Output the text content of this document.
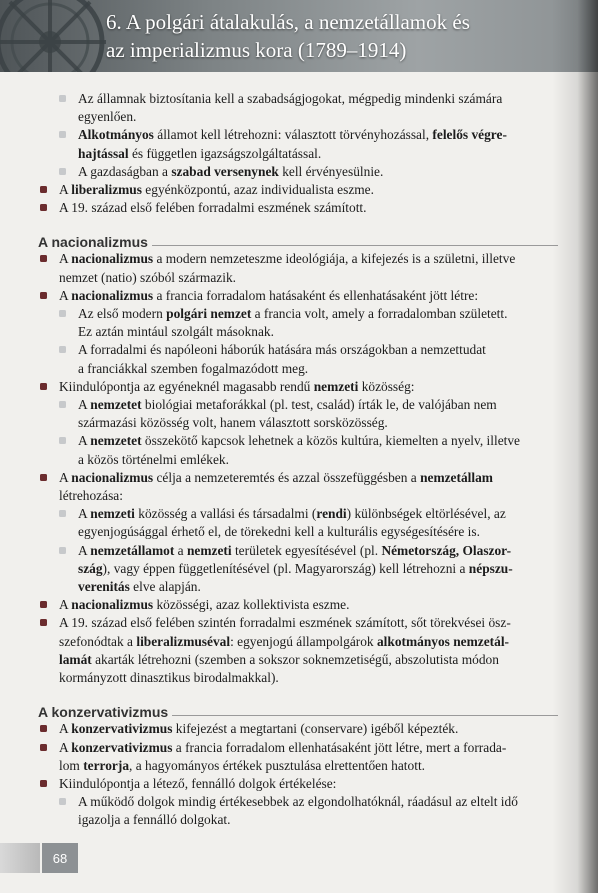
6. A polgári átalakulás, a nemzetállamok és
az imperializmus kora (1789–1914)
Az államnak biztosítania kell a szabadságjogokat, mégpedig mindenki számára
egyenlően.
Alkotmányos államot kell létrehozni: választott törvényhozással, felelős végre-
hajtással és független igazságszolgáltatással.
A gazdaságban a szabad versenynek kell érvényesülnie.
A liberalizmus egyénközpontú, azaz individualista eszme.
A 19. század első felében forradalmi eszmének számított.
A nacionalizmus
A nacionalizmus a modern nemzeteszme ideológiája, a kifejezés is a születni, illetve
nemzet (natio) szóból származik.
A nacionalizmus a francia forradalom hatásaként és ellenhatásaként jött létre:
Az első modern polgári nemzet a francia volt, amely a forradalomban született.
Ez aztán mintául szolgált másoknak.
A forradalmi és napóleoni háborúk hatására más országokban a nemzettudat
a franciákkal szemben fogalmazódott meg.
Kiindulópontja az egyéneknél magasabb rendű nemzeti közösség:
A nemzetet biológiai metaforákkal (pl. test, család) írták le, de valójában nem
származási közösség volt, hanem választott sorsközösség.
A nemzetet összekötő kapcsok lehetnek a közös kultúra, kiemelten a nyelv, illetve
a közös történelmi emlékek.
A nacionalizmus célja a nemzeteremtés és azzal összefüggésben a nemzetállam
létrehozása:
A nemzeti közösség a vallási és társadalmi (rendi) különbségek eltörlésével, az
egyenjogúsággal érhető el, de törekedni kell a kulturális egységesítésére is.
A nemzetállamot a nemzeti területek egyesítésével (pl. Németország, Olaszor-
szág), vagy éppen függetlenítésével (pl. Magyarország) kell létrehozni a népszu-
verenitás elve alapján.
A nacionalizmus közösségi, azaz kollektivista eszme.
A 19. század első felében szintén forradalmi eszmének számított, sőt törekvései ösz-
szefonódtak a liberalizmuséval: egyenjogú állampolgárok alkotmányos nemzetál-
lamát akarták létrehozni (szemben a sokszor soknemzetiségű, abszolutista módon
kormányzott dinasztikus birodalmakkal).
A konzervativizmus
A konzervativizmus kifejezést a megtartani (conservare) igéből képezték.
A konzervativizmus a francia forradalom ellenhatásaként jött létre, mert a forrada-
lom terrorja, a hagyományos értékek pusztulása elrettentően hatott.
Kiindulópontja a létező, fennálló dolgok értékelése:
A működő dolgok mindig értékesebbek az elgondolhatóknál, ráadásul az eltelt idő
igazolja a fennálló dolgokat.
68
